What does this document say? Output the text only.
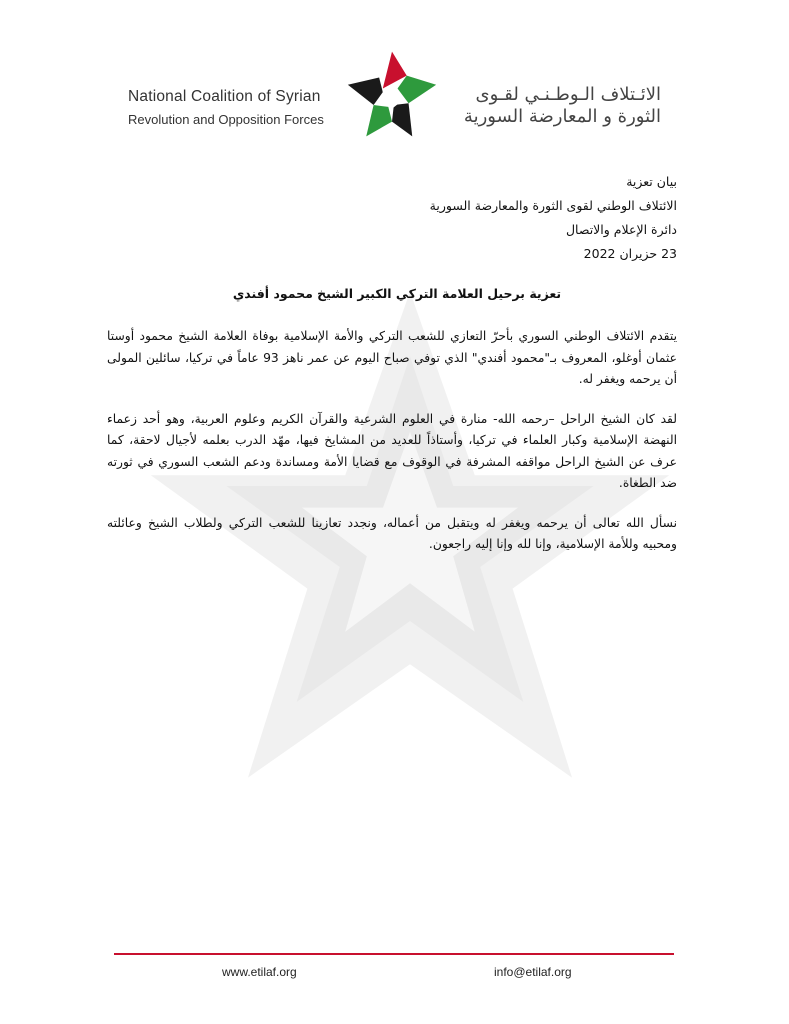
National Coalition of Syrian
Revolution and Opposition Forces
الائـتلاف الـوطـنـي لقـوى
الثورة و المعارضة السورية
بيان تعزية
الائتلاف الوطني لقوى الثورة والمعارضة السورية
دائرة الإعلام والاتصال
23 حزيران 2022
تعزية برحيل العلامة التركي الكبير الشيخ محمود أفندي

يتقدم الائتلاف الوطني السوري بأحرّ التعازي للشعب التركي والأمة الإسلامية بوفاة العلامة الشيخ محمود أوستا عثمان أوغلو، المعروف بـ"محمود أفندي" الذي توفي صباح اليوم عن عمر ناهز 93 عاماً في تركيا، سائلين المولى أن يرحمه ويغفر له.

لقد كان الشيخ الراحل –رحمه الله- منارة في العلوم الشرعية والقرآن الكريم وعلوم العربية، وهو أحد زعماء النهضة الإسلامية وكبار العلماء في تركيا، وأستاذاً للعديد من المشايخ فيها، مهّد الدرب بعلمه لأجيال لاحقة، كما عرف عن الشيخ الراحل مواقفه المشرفة في الوقوف مع قضايا الأمة ومساندة ودعم الشعب السوري في ثورته ضد الطغاة.

نسأل الله تعالى أن يرحمه ويغفر له ويتقبل من أعماله، ونجدد تعازينا للشعب التركي ولطلاب الشيخ وعائلته ومحبيه وللأمة الإسلامية، وإنا لله وإنا إليه راجعون.

www.etilaf.org	info@etilaf.org
